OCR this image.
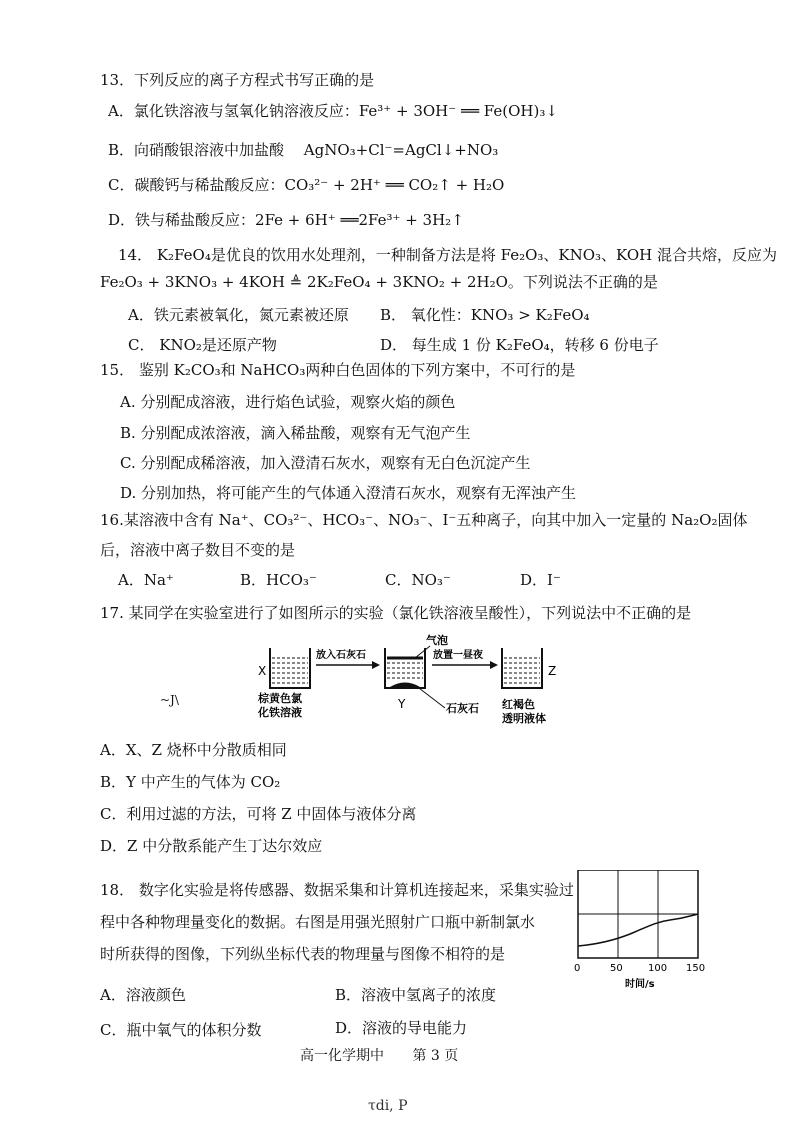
13．下列反应的离子方程式书写正确的是
A．氯化铁溶液与氢氧化钠溶液反应：Fe³⁺ + 3OH⁻ ══ Fe(OH)₃↓
B．向硝酸银溶液中加盐酸　 AgNO₃+Cl⁻=AgCl↓+NO₃
C．碳酸钙与稀盐酸反应：CO₃²⁻ + 2H⁺ ══ CO₂↑ + H₂O
D．铁与稀盐酸反应：2Fe + 6H⁺ ══2Fe³⁺ + 3H₂↑
14． K₂FeO₄是优良的饮用水处理剂，一种制备方法是将 Fe₂O₃、KNO₃、KOH 混合共熔，反应为
Fe₂O₃ + 3KNO₃ + 4KOH ≜ 2K₂FeO₄ + 3KNO₂ + 2H₂O。下列说法不正确的是
A．铁元素被氧化，氮元素被还原 B． 氧化性：KNO₃ > K₂FeO₄
C． KNO₂是还原产物	D． 每生成 1 份 K₂FeO₄，转移 6 份电子
15． 鉴别 K₂CO₃和 NaHCO₃两种白色固体的下列方案中，不可行的是
A. 分别配成溶液，进行焰色试验，观察火焰的颜色
B. 分别配成浓溶液，滴入稀盐酸，观察有无气泡产生
C. 分别配成稀溶液，加入澄清石灰水，观察有无白色沉淀产生
D. 分别加热，将可能产生的气体通入澄清石灰水，观察有无浑浊产生
16.某溶液中含有 Na⁺、CO₃²⁻、HCO₃⁻、NO₃⁻、I⁻五种离子，向其中加入一定量的 Na₂O₂固体
后，溶液中离子数目不变的是
A．Na⁺	B．HCO₃⁻	C．NO₃⁻	D．I⁻
17. 某同学在实验室进行了如图所示的实验（氯化铁溶液呈酸性），下列说法中不正确的是
~J\
X
棕黄色氯
化铁溶液
放入石灰石
Y
气泡
石灰石
放置一昼夜
Z
红褐色
透明液体
A．X、Z 烧杯中分散质相同
B．Y 中产生的气体为 CO₂
C．利用过滤的方法，可将 Z 中固体与液体分离
D．Z 中分散系能产生丁达尔效应
18． 数字化实验是将传感器、数据采集和计算机连接起来，采集实验过
程中各种物理量变化的数据。右图是用强光照射广口瓶中新制氯水
时所获得的图像，下列纵坐标代表的物理量与图像不相符的是
0	50	100 150
时间/s
A．溶液颜色	B．溶液中氢离子的浓度
C．瓶中氧气的体积分数	D．溶液的导电能力
高一化学期中 第 3 页
τdi, P
